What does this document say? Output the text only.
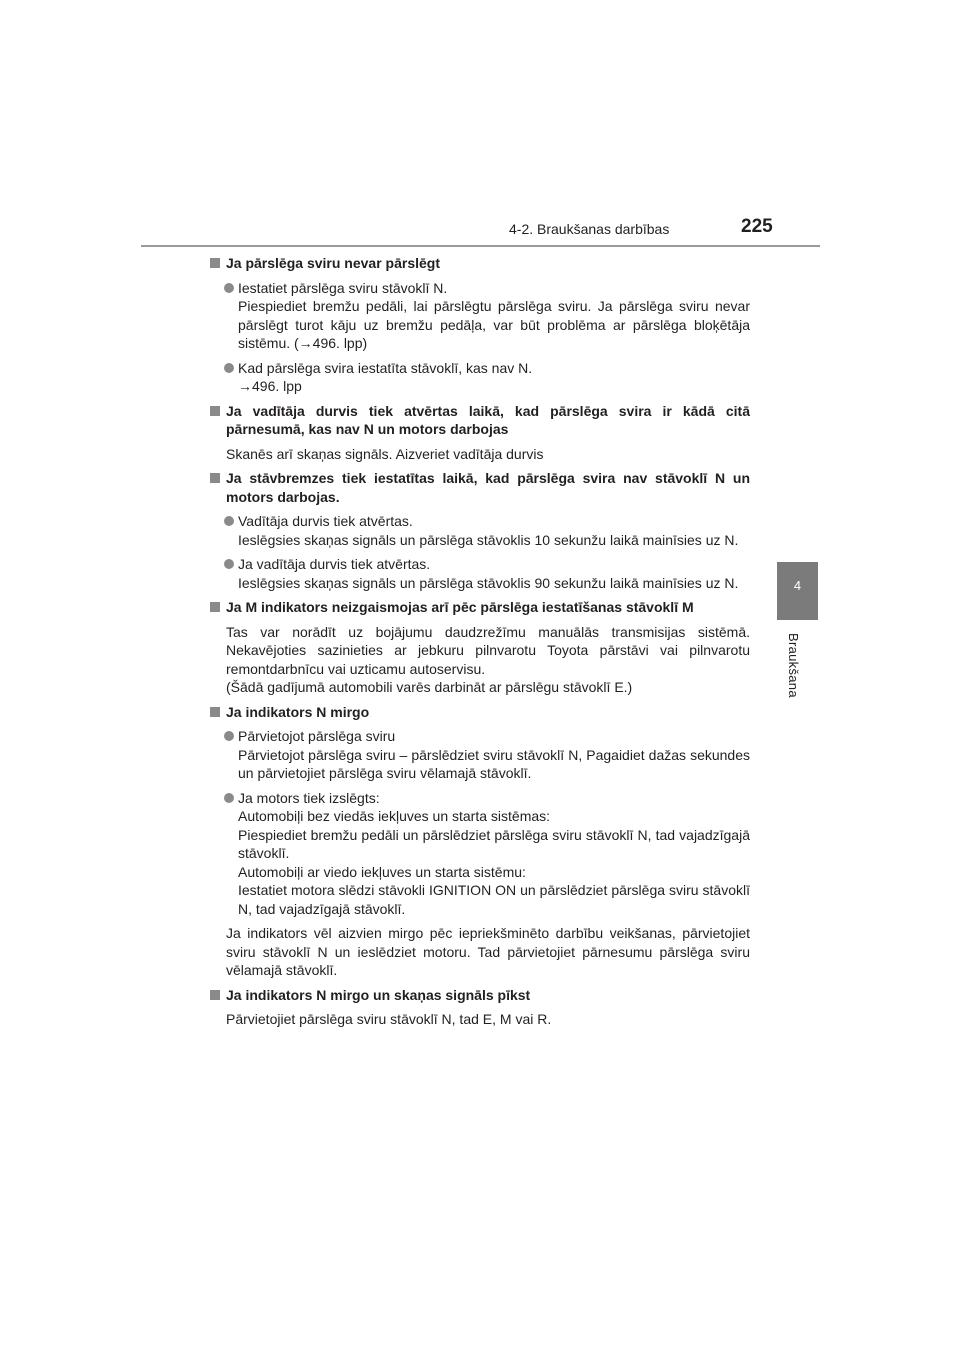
4-2. Braukšanas darbības	225
4
Braukšana

Ja pārslēga sviru nevar pārslēgt

Iestatiet pārslēga sviru stāvoklī N.
Piespiediet bremžu pedāli, lai pārslēgtu pārslēga sviru. Ja pārslēga sviru nevar pārslēgt turot kāju uz bremžu pedāļa, var būt problēma ar pārslēga bloķētāja sistēmu. (→496. lpp)
Kad pārslēga svira iestatīta stāvoklī, kas nav N.
→496. lpp

Ja vadītāja durvis tiek atvērtas laikā, kad pārslēga svira ir kādā citā pārnesumā, kas nav N un motors darbojas

Skanēs arī skaņas signāls. Aizveriet vadītāja durvis

Ja stāvbremzes tiek iestatītas laikā, kad pārslēga svira nav stāvoklī N un motors darbojas.

Vadītāja durvis tiek atvērtas.
Ieslēgsies skaņas signāls un pārslēga stāvoklis 10 sekunžu laikā mainīsies uz N.
Ja vadītāja durvis tiek atvērtas.
Ieslēgsies skaņas signāls un pārslēga stāvoklis 90 sekunžu laikā mainīsies uz N.

Ja M indikators neizgaismojas arī pēc pārslēga iestatīšanas stāvoklī M

Tas var norādīt uz bojājumu daudzrežīmu manuālās transmisijas sistēmā. Nekavējoties sazinieties ar jebkuru pilnvarotu Toyota pārstāvi vai pilnvarotu remontdarbnīcu vai uzticamu autoservisu.
(Šādā gadījumā automobili varēs darbināt ar pārslēgu stāvoklī E.)

Ja indikators N mirgo

Pārvietojot pārslēga sviru
Pārvietojot pārslēga sviru – pārslēdziet sviru stāvoklī N, Pagaidiet dažas sekundes un pārvietojiet pārslēga sviru vēlamajā stāvoklī.
Ja motors tiek izslēgts:
Automobiļi bez viedās iekļuves un starta sistēmas:
Piespiediet bremžu pedāli un pārslēdziet pārslēga sviru stāvoklī N, tad vajadzīgajā stāvoklī.
Automobiļi ar viedo iekļuves un starta sistēmu:
Iestatiet motora slēdzi stāvokli IGNITION ON un pārslēdziet pārslēga sviru stāvoklī N, tad vajadzīgajā stāvoklī.

Ja indikators vēl aizvien mirgo pēc iepriekšminēto darbību veikšanas, pārvietojiet sviru stāvoklī N un ieslēdziet motoru. Tad pārvietojiet pārnesumu pārslēga sviru vēlamajā stāvoklī.

Ja indikators N mirgo un skaņas signāls pīkst

Pārvietojiet pārslēga sviru stāvoklī N, tad E, M vai R.
